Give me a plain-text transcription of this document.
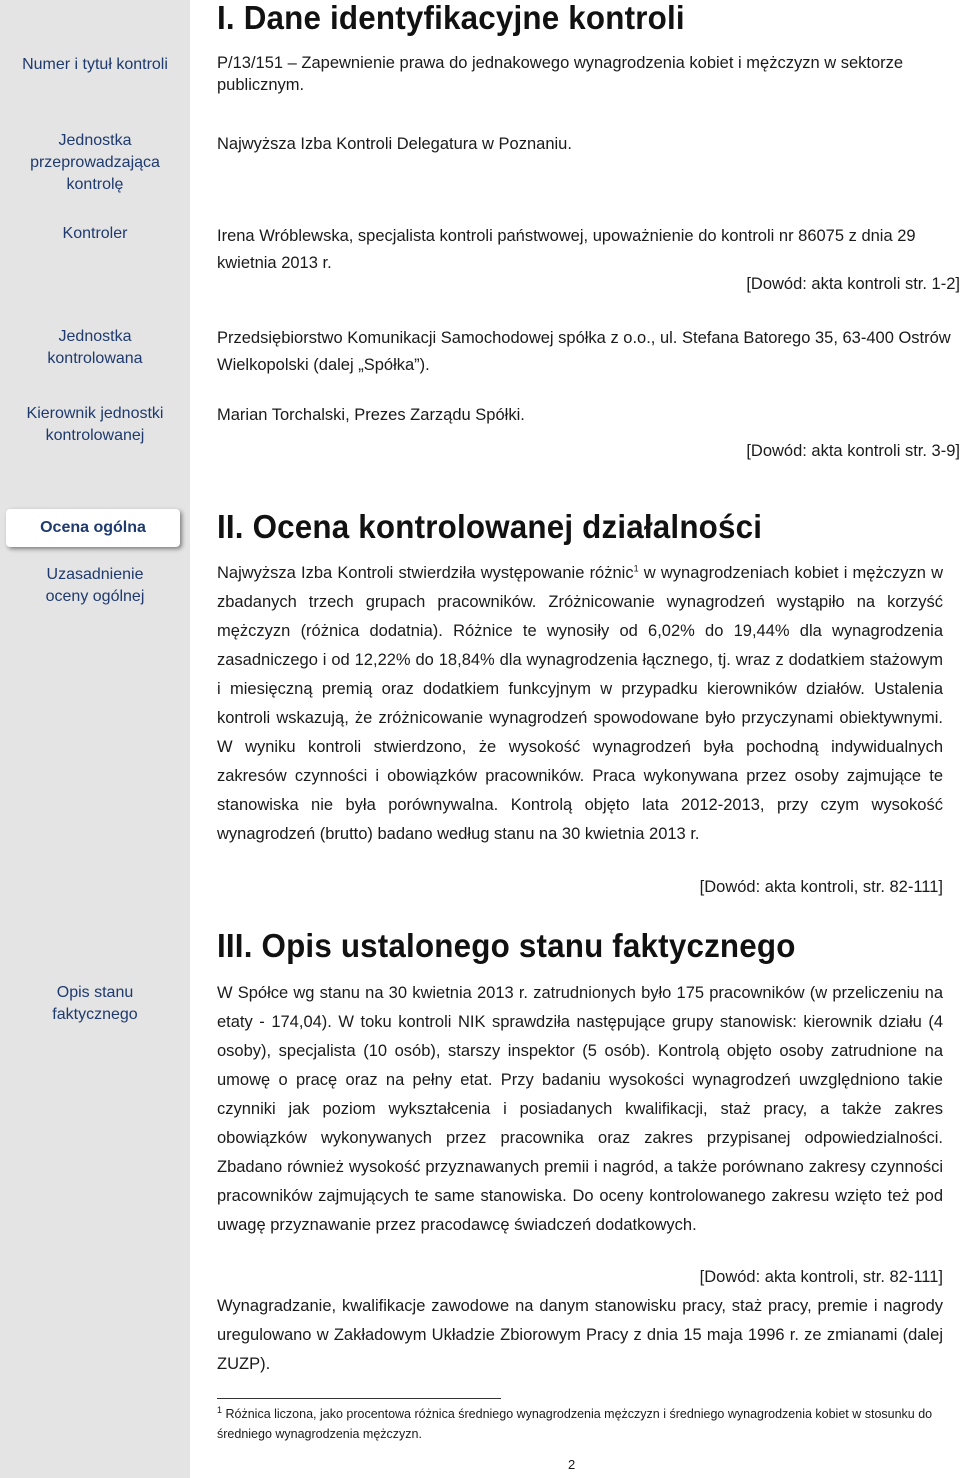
Numer i tytuł kontroli
Jednostka przeprowadzająca kontrolę
Kontroler
Jednostka kontrolowana
Kierownik jednostki kontrolowanej
Ocena ogólna
Uzasadnienie oceny ogólnej
Opis stanu faktycznego
I. Dane identyfikacyjne kontroli
P/13/151 – Zapewnienie prawa do jednakowego wynagrodzenia kobiet i mężczyzn w sektorze publicznym.
Najwyższa Izba Kontroli Delegatura w Poznaniu.
Irena Wróblewska, specjalista kontroli państwowej, upoważnienie do kontroli nr 86075 z dnia 29 kwietnia 2013 r.
[Dowód: akta kontroli str. 1-2]
Przedsiębiorstwo Komunikacji Samochodowej spółka z o.o., ul. Stefana Batorego 35, 63-400 Ostrów Wielkopolski (dalej „Spółka”).
Marian Torchalski, Prezes Zarządu Spółki.
[Dowód: akta kontroli str. 3-9]
II. Ocena kontrolowanej działalności
Najwyższa Izba Kontroli stwierdziła występowanie różnic$^1$ w wynagrodzeniach kobiet i mężczyzn w zbadanych trzech grupach pracowników. Zróżnicowanie wynagrodzeń wystąpiło na korzyść mężczyzn (różnica dodatnia). Różnice te wynosiły od 6,02% do 19,44% dla wynagrodzenia zasadniczego i od 12,22% do 18,84% dla wynagrodzenia łącznego, tj. wraz z dodatkiem stażowym i miesięczną premią oraz dodatkiem funkcyjnym w przypadku kierowników działów. Ustalenia kontroli wskazują, że zróżnicowanie wynagrodzeń spowodowane było przyczynami obiektywnymi. W wyniku kontroli stwierdzono, że wysokość wynagrodzeń była pochodną indywidualnych zakresów czynności i obowiązków pracowników. Praca wykonywana przez osoby zajmujące te stanowiska nie była porównywalna. Kontrolą objęto lata 2012-2013, przy czym wysokość wynagrodzeń (brutto) badano według stanu na 30 kwietnia 2013 r.
[Dowód: akta kontroli, str. 82-111]
III. Opis ustalonego stanu faktycznego
W Spółce wg stanu na 30 kwietnia 2013 r. zatrudnionych było 175 pracowników (w przeliczeniu na etaty - 174,04). W toku kontroli NIK sprawdziła następujące grupy stanowisk: kierownik działu (4 osoby), specjalista (10 osób), starszy inspektor (5 osób). Kontrolą objęto osoby zatrudnione na umowę o pracę oraz na pełny etat. Przy badaniu wysokości wynagrodzeń uwzględniono takie czynniki jak poziom wykształcenia i posiadanych kwalifikacji, staż pracy, a także zakres obowiązków wykonywanych przez pracownika oraz zakres przypisanej odpowiedzialności. Zbadano również wysokość przyznawanych premii i nagród, a także porównano zakresy czynności pracowników zajmujących te same stanowiska. Do oceny kontrolowanego zakresu wzięto też pod uwagę przyznawanie przez pracodawcę świadczeń dodatkowych.
[Dowód: akta kontroli, str. 82-111]
Wynagradzanie, kwalifikacje zawodowe na danym stanowisku pracy, staż pracy, premie i nagrody uregulowano w Zakładowym Układzie Zbiorowym Pracy z dnia 15 maja 1996 r. ze zmianami (dalej ZUZP).
$^1$ Różnica liczona, jako procentowa różnica średniego wynagrodzenia mężczyzn i średniego wynagrodzenia kobiet w stosunku do średniego wynagrodzenia mężczyzn.
2
